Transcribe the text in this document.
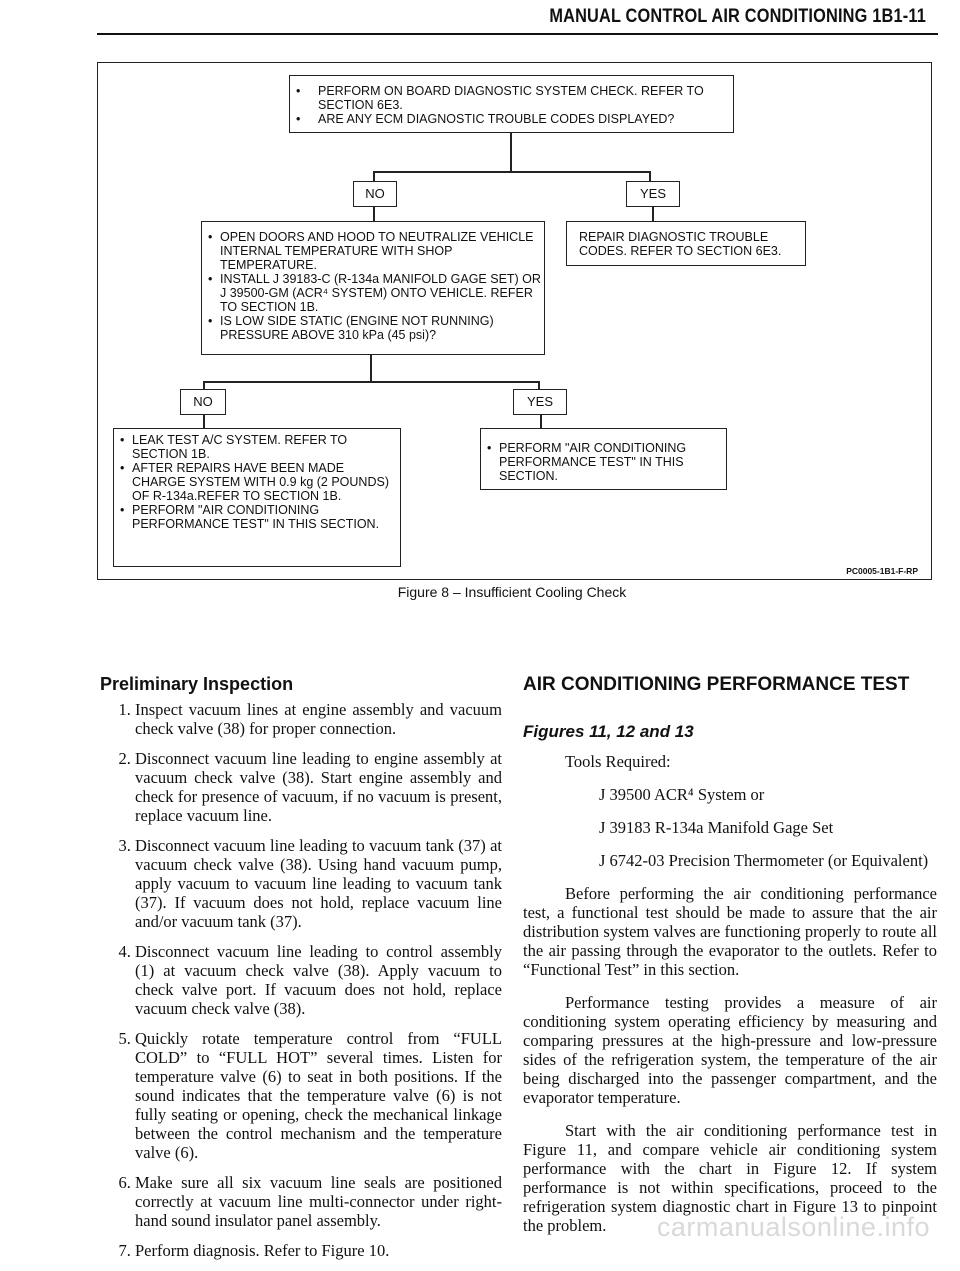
MANUAL CONTROL AIR CONDITIONING 1B1-11
• PERFORM ON BOARD DIAGNOSTIC SYSTEM CHECK. REFER TO SECTION 6E3.
• ARE ANY ECM DIAGNOSTIC TROUBLE CODES DISPLAYED?
NO	YES
• OPEN DOORS AND HOOD TO NEUTRALIZE VEHICLE INTERNAL TEMPERATURE WITH SHOP TEMPERATURE.
• INSTALL J 39183-C (R-134a MANIFOLD GAGE SET) OR J 39500-GM (ACR⁴ SYSTEM) ONTO VEHICLE. REFER TO SECTION 1B.
• IS LOW SIDE STATIC (ENGINE NOT RUNNING) PRESSURE ABOVE 310 kPa (45 psi)?
REPAIR DIAGNOSTIC TROUBLE CODES. REFER TO SECTION 6E3.
NO	YES
• LEAK TEST A/C SYSTEM. REFER TO SECTION 1B.
• AFTER REPAIRS HAVE BEEN MADE CHARGE SYSTEM WITH 0.9 kg (2 POUNDS) OF R-134a.REFER TO SECTION 1B.
• PERFORM "AIR CONDITIONING PERFORMANCE TEST" IN THIS SECTION.
• PERFORM "AIR CONDITIONING PERFORMANCE TEST" IN THIS SECTION.
PC0005-1B1-F-RP
Figure 8 – Insufficient Cooling Check
Preliminary Inspection
1. Inspect vacuum lines at engine assembly and vacuum check valve (38) for proper connection.
2. Disconnect vacuum line leading to engine assembly at vacuum check valve (38). Start engine assembly and check for presence of vacuum, if no vacuum is present, replace vacuum line.
3. Disconnect vacuum line leading to vacuum tank (37) at vacuum check valve (38). Using hand vacuum pump, apply vacuum to vacuum line leading to vacuum tank (37). If vacuum does not hold, replace vacuum line and/or vacuum tank (37).
4. Disconnect vacuum line leading to control assembly (1) at vacuum check valve (38). Apply vacuum to check valve port. If vacuum does not hold, replace vacuum check valve (38).
5. Quickly rotate temperature control from “FULL COLD” to “FULL HOT” several times. Listen for temperature valve (6) to seat in both positions. If the sound indicates that the temperature valve (6) is not fully seating or opening, check the mechanical linkage between the control mechanism and the temperature valve (6).
6. Make sure all six vacuum line seals are positioned correctly at vacuum line multi-connector under right-hand sound insulator panel assembly.
7. Perform diagnosis. Refer to Figure 10.
AIR CONDITIONING PERFORMANCE TEST
Figures 11, 12 and 13

Tools Required:

J 39500 ACR⁴ System or

J 39183 R-134a Manifold Gage Set

J 6742-03 Precision Thermometer (or Equivalent)

Before performing the air conditioning performance test, a functional test should be made to assure that the air distribution system valves are functioning properly to route all the air passing through the evaporator to the outlets. Refer to “Functional Test” in this section.

Performance testing provides a measure of air conditioning system operating efficiency by measuring and comparing pressures at the high-pressure and low-pressure sides of the refrigeration system, the temperature of the air being discharged into the passenger compartment, and the evaporator temperature.

Start with the air conditioning performance test in Figure 11, and compare vehicle air conditioning system performance with the chart in Figure 12. If system performance is not within specifications, proceed to the refrigeration system diagnostic chart in Figure 13 to pinpoint the problem.	carmanualsonline.info
